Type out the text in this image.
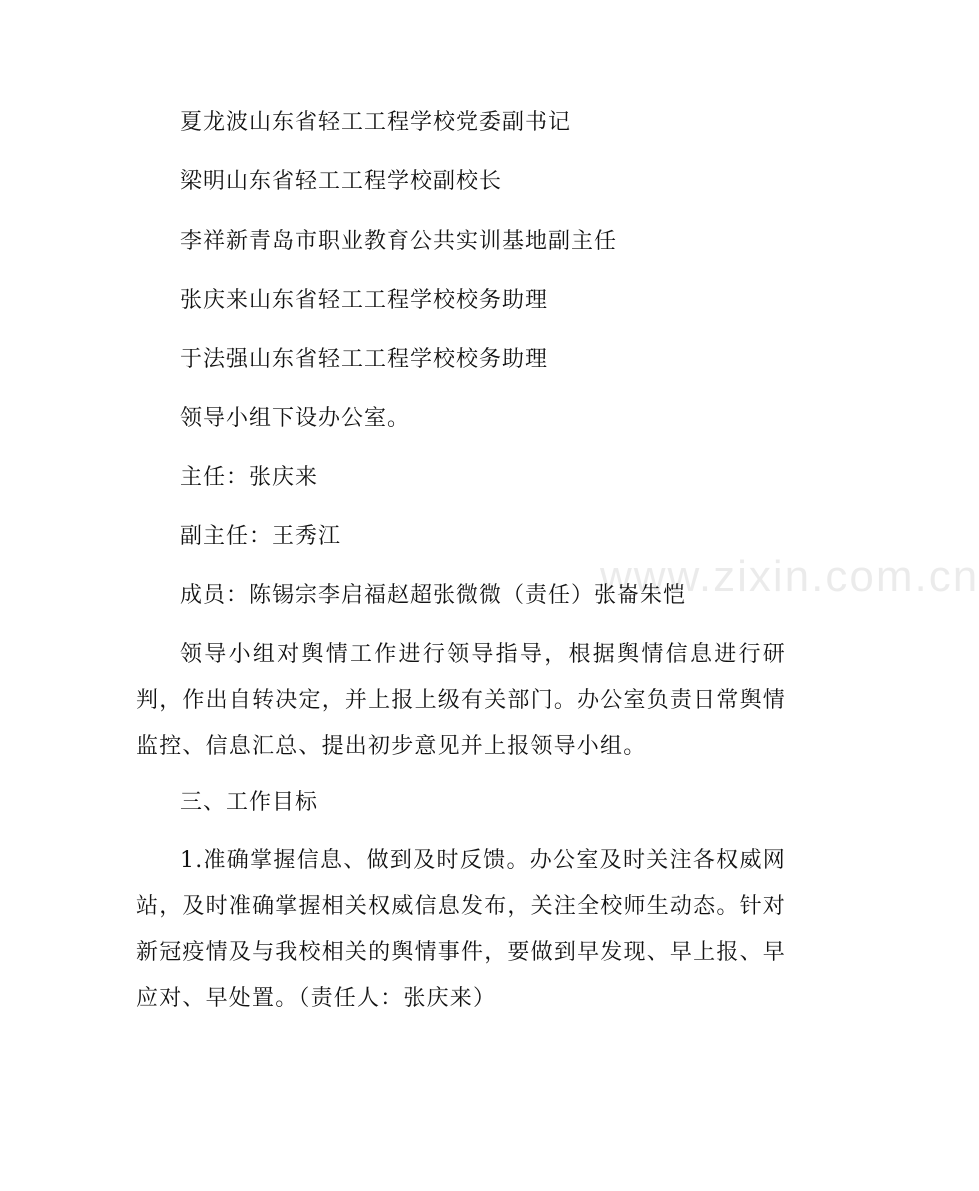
夏龙波山东省轻工工程学校党委副书记
梁明山东省轻工工程学校副校长
李祥新青岛市职业教育公共实训基地副主任
张庆来山东省轻工工程学校校务助理
于法强山东省轻工工程学校校务助理
领导小组下设办公室。
主任：张庆来
副主任：王秀江
成员：陈锡宗李启福赵超张微微（责任）张崙朱恺
www.zixin.com.cn
领导小组对舆情工作进行领导指导，根据舆情信息进行研判，作出自转决定，并上报上级有关部门。办公室负责日常舆情监控、信息汇总、提出初步意见并上报领导小组。
三、工作目标
1.准确掌握信息、做到及时反馈。办公室及时关注各权威网站，及时准确掌握相关权威信息发布，关注全校师生动态。针对新冠疫情及与我校相关的舆情事件，要做到早发现、早上报、早应对、早处置。（责任人：张庆来）
